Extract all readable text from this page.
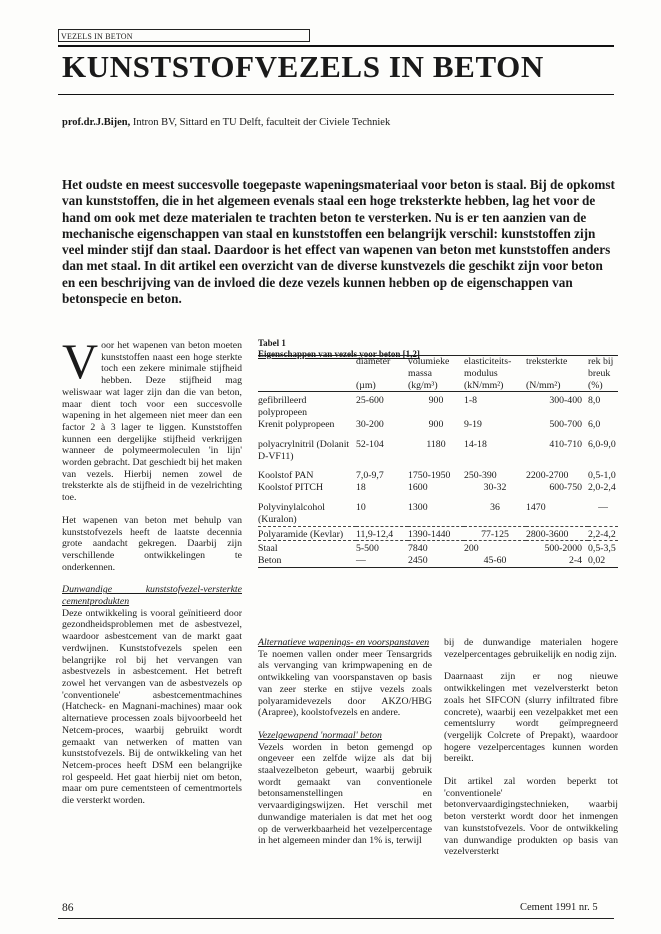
VEZELS IN BETON
KUNSTSTOFVEZELS IN BETON
prof.dr.J.Bijen, Intron BV, Sittard en TU Delft, faculteit der Civiele Techniek
Het oudste en meest succesvolle toegepaste wapeningsmateriaal voor beton is staal. Bij de opkomst van kunststoffen, die in het algemeen evenals staal een hoge treksterkte hebben, lag het voor de hand om ook met deze materialen te trachten beton te versterken. Nu is er ten aanzien van de mechanische eigenschappen van staal en kunststoffen een belangrijk verschil: kunststoffen zijn veel minder stijf dan staal. Daardoor is het effect van wapenen van beton met kunststoffen anders dan met staal. In dit artikel een overzicht van de diverse kunstvezels die geschikt zijn voor beton en een beschrijving van de invloed die deze vezels kunnen hebben op de eigenschappen van betonspecie en beton.

Voor het wapenen van beton moeten kunststoffen naast een hoge sterkte toch een zekere minimale stijfheid hebben. Deze stijfheid mag weliswaar wat lager zijn dan die van beton, maar dient toch voor een succesvolle wapening in het algemeen niet meer dan een factor 2 à 3 lager te liggen. Kunststoffen kunnen een dergelijke stijfheid verkrijgen wanneer de polymeermoleculen 'in lijn' worden gebracht. Dat geschiedt bij het maken van vezels. Hierbij nemen zowel de treksterkte als de stijfheid in de vezelrichting toe.

Het wapenen van beton met behulp van kunststofvezels heeft de laatste decennia grote aandacht gekregen. Daarbij zijn verschillende ontwikkelingen te onderkennen.

Dunwandige kunststofvezel-versterkte cementprodukten

Deze ontwikkeling is vooral geïnitieerd door gezondheidsproblemen met de asbestvezel, waardoor asbestcement van de markt gaat verdwijnen. Kunststofvezels spelen een belangrijke rol bij het vervangen van asbestvezels in asbestcement. Het betreft zowel het vervangen van de asbestvezels op 'conventionele' asbestcementmachines (Hatcheck- en Magnani-machines) maar ook alternatieve processen zoals bijvoorbeeld het Netcem-proces, waarbij gebruikt wordt gemaakt van netwerken of matten van kunststofvezels. Bij de ontwikkeling van het Netcem-proces heeft DSM een belangrijke rol gespeeld. Het gaat hierbij niet om beton, maar om pure cementsteen of cementmortels die versterkt worden.

Tabel 1
Eigenschappen van vezels voor beton [1,2]
	diameter	volumieke massa	elasticiteits- modulus	treksterkte	rek bij breuk
	(µm)	(kg/m³)	(kN/mm²)	(N/mm²)	(%)

gefibrilleerd polypropeen	25-600	900	1-8	300-400	8,0
Krenit polypropeen	30-200	900	9-19	500-700	6,0

polyacrylnitril (Dolanit D-VF11)	52-104	1180	14-18	410-710	6,0-9,0

Koolstof PAN	7,0-9,7	1750-1950	250-390	2200-2700	0,5-1,0
Koolstof PITCH	18	1600	30-32	600-750	2,0-2,4

Polyvinylalcohol (Kuralon)	10	1300	36	1470	—

Polyaramide (Kevlar)	11,9-12,4	1390-1440	77-125	2800-3600	2,2-4,2

Staal	5-500	7840	200	500-2000	0,5-3,5
Beton	—	2450	45-60	2-4	0,02

Alternatieve wapenings- en voorspanstaven

Te noemen vallen onder meer Tensargrids als vervanging van krimpwapening en de ontwikkeling van voorspanstaven op basis van zeer sterke en stijve vezels zoals polyaramidevezels door AKZO/HBG (Arapree), koolstofvezels en andere.

Vezelgewapend 'normaal' beton

Vezels worden in beton gemengd op ongeveer een zelfde wijze als dat bij staalvezelbeton gebeurt, waarbij gebruik wordt gemaakt van conventionele betonsamenstellingen en vervaardigingswijzen. Het verschil met dunwandige materialen is dat met het oog op de verwerkbaarheid het vezelpercentage in het algemeen minder dan 1% is, terwijl

bij de dunwandige materialen hogere vezelpercentages gebruikelijk en nodig zijn.

Daarnaast zijn er nog nieuwe ontwikkelingen met vezelversterkt beton zoals het SIFCON (slurry infiltrated fibre concrete), waarbij een vezelpakket met een cementslurry wordt geïmpregneerd (vergelijk Colcrete of Prepakt), waardoor hogere vezelpercentages kunnen worden bereikt.

Dit artikel zal worden beperkt tot 'conventionele' betonvervaardigingstechnieken, waarbij beton versterkt wordt door het inmengen van kunststofvezels. Voor de ontwikkeling van dunwandige produkten op basis van vezelversterkt

86	Cement 1991 nr. 5
